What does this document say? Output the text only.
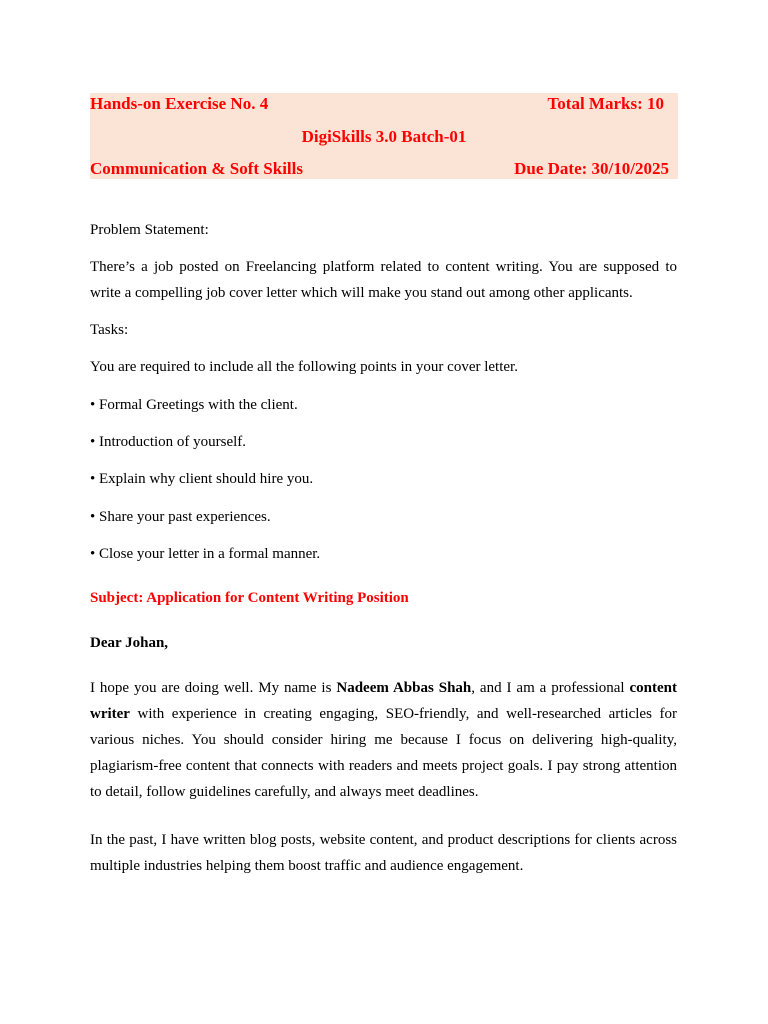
Hands-on Exercise No. 4	Total Marks: 10
DigiSkills 3.0 Batch-01
Communication & Soft Skills	Due Date: 30/10/2025
Problem Statement:
There’s a job posted on Freelancing platform related to content writing. You are supposed to write a compelling job cover letter which will make you stand out among other applicants.
Tasks:
You are required to include all the following points in your cover letter.
• Formal Greetings with the client.
• Introduction of yourself.
• Explain why client should hire you.
• Share your past experiences.
• Close your letter in a formal manner.
Subject: Application for Content Writing Position
Dear Johan,
I hope you are doing well. My name is Nadeem Abbas Shah, and I am a professional content writer with experience in creating engaging, SEO-friendly, and well-researched articles for various niches. You should consider hiring me because I focus on delivering high-quality, plagiarism-free content that connects with readers and meets project goals. I pay strong attention to detail, follow guidelines carefully, and always meet deadlines.
In the past, I have written blog posts, website content, and product descriptions for clients across multiple industries helping them boost traffic and audience engagement.
